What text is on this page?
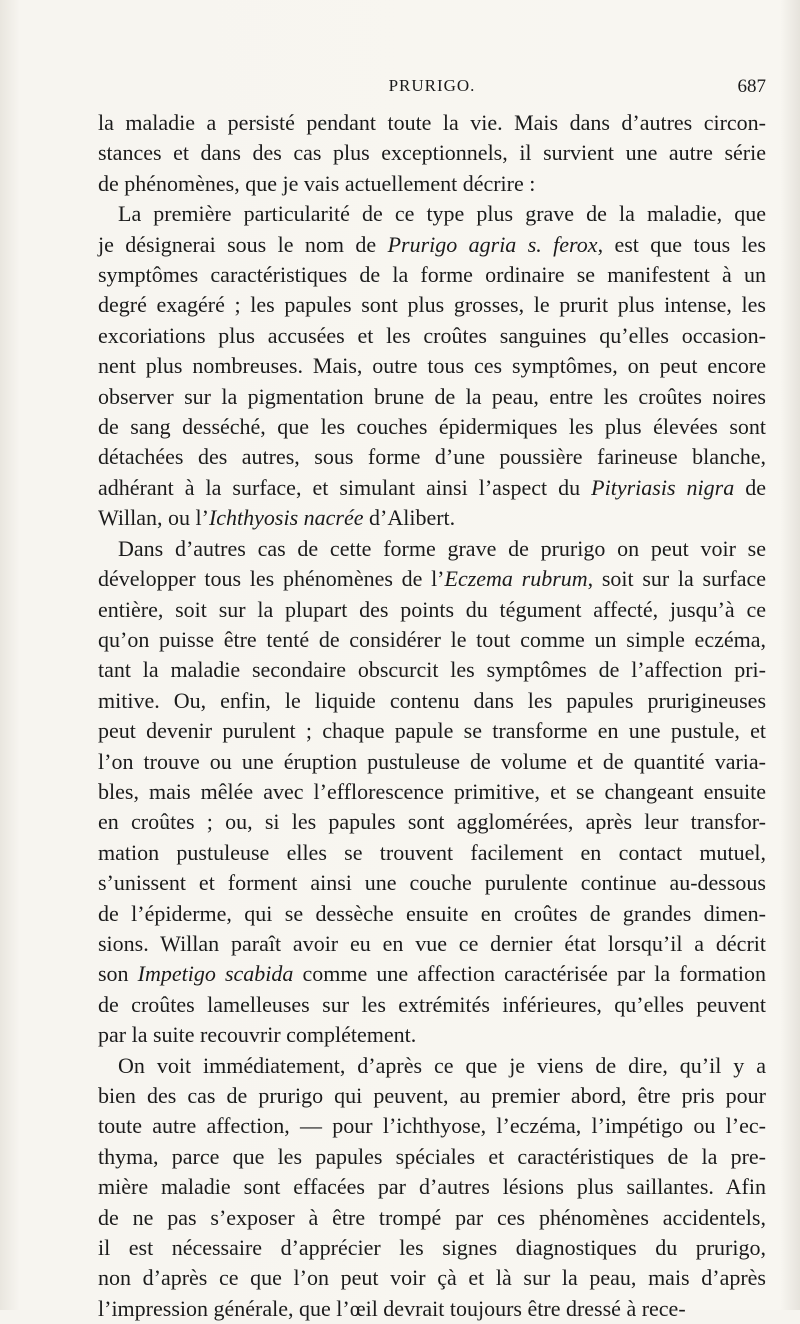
PRURIGO.	687

la maladie a persisté pendant toute la vie. Mais dans d’autres circon-
stances et dans des cas plus exceptionnels, il survient une autre série
de phénomènes, que je vais actuellement décrire :

La première particularité de ce type plus grave de la maladie, que
je désignerai sous le nom de Prurigo agria s. ferox, est que tous les
symptômes caractéristiques de la forme ordinaire se manifestent à un
degré exagéré ; les papules sont plus grosses, le prurit plus intense, les
excoriations plus accusées et les croûtes sanguines qu’elles occasion-
nent plus nombreuses. Mais, outre tous ces symptômes, on peut encore
observer sur la pigmentation brune de la peau, entre les croûtes noires
de sang desséché, que les couches épidermiques les plus élevées sont
détachées des autres, sous forme d’une poussière farineuse blanche,
adhérant à la surface, et simulant ainsi l’aspect du Pityriasis nigra de
Willan, ou l’Ichthyosis nacrée d’Alibert.

Dans d’autres cas de cette forme grave de prurigo on peut voir se
développer tous les phénomènes de l’Eczema rubrum, soit sur la surface
entière, soit sur la plupart des points du tégument affecté, jusqu’à ce
qu’on puisse être tenté de considérer le tout comme un simple eczéma,
tant la maladie secondaire obscurcit les symptômes de l’affection pri-
mitive. Ou, enfin, le liquide contenu dans les papules prurigineuses
peut devenir purulent ; chaque papule se transforme en une pustule, et
l’on trouve ou une éruption pustuleuse de volume et de quantité varia-
bles, mais mêlée avec l’efflorescence primitive, et se changeant ensuite
en croûtes ; ou, si les papules sont agglomérées, après leur transfor-
mation pustuleuse elles se trouvent facilement en contact mutuel,
s’unissent et forment ainsi une couche purulente continue au-dessous
de l’épiderme, qui se dessèche ensuite en croûtes de grandes dimen-
sions. Willan paraît avoir eu en vue ce dernier état lorsqu’il a décrit
son Impetigo scabida comme une affection caractérisée par la formation
de croûtes lamelleuses sur les extrémités inférieures, qu’elles peuvent
par la suite recouvrir complétement.

On voit immédiatement, d’après ce que je viens de dire, qu’il y a
bien des cas de prurigo qui peuvent, au premier abord, être pris pour
toute autre affection, — pour l’ichthyose, l’eczéma, l’impétigo ou l’ec-
thyma, parce que les papules spéciales et caractéristiques de la pre-
mière maladie sont effacées par d’autres lésions plus saillantes. Afin
de ne pas s’exposer à être trompé par ces phénomènes accidentels,
il est nécessaire d’apprécier les signes diagnostiques du prurigo,
non d’après ce que l’on peut voir çà et là sur la peau, mais d’après
l’impression générale, que l’œil devrait toujours être dressé à rece-
